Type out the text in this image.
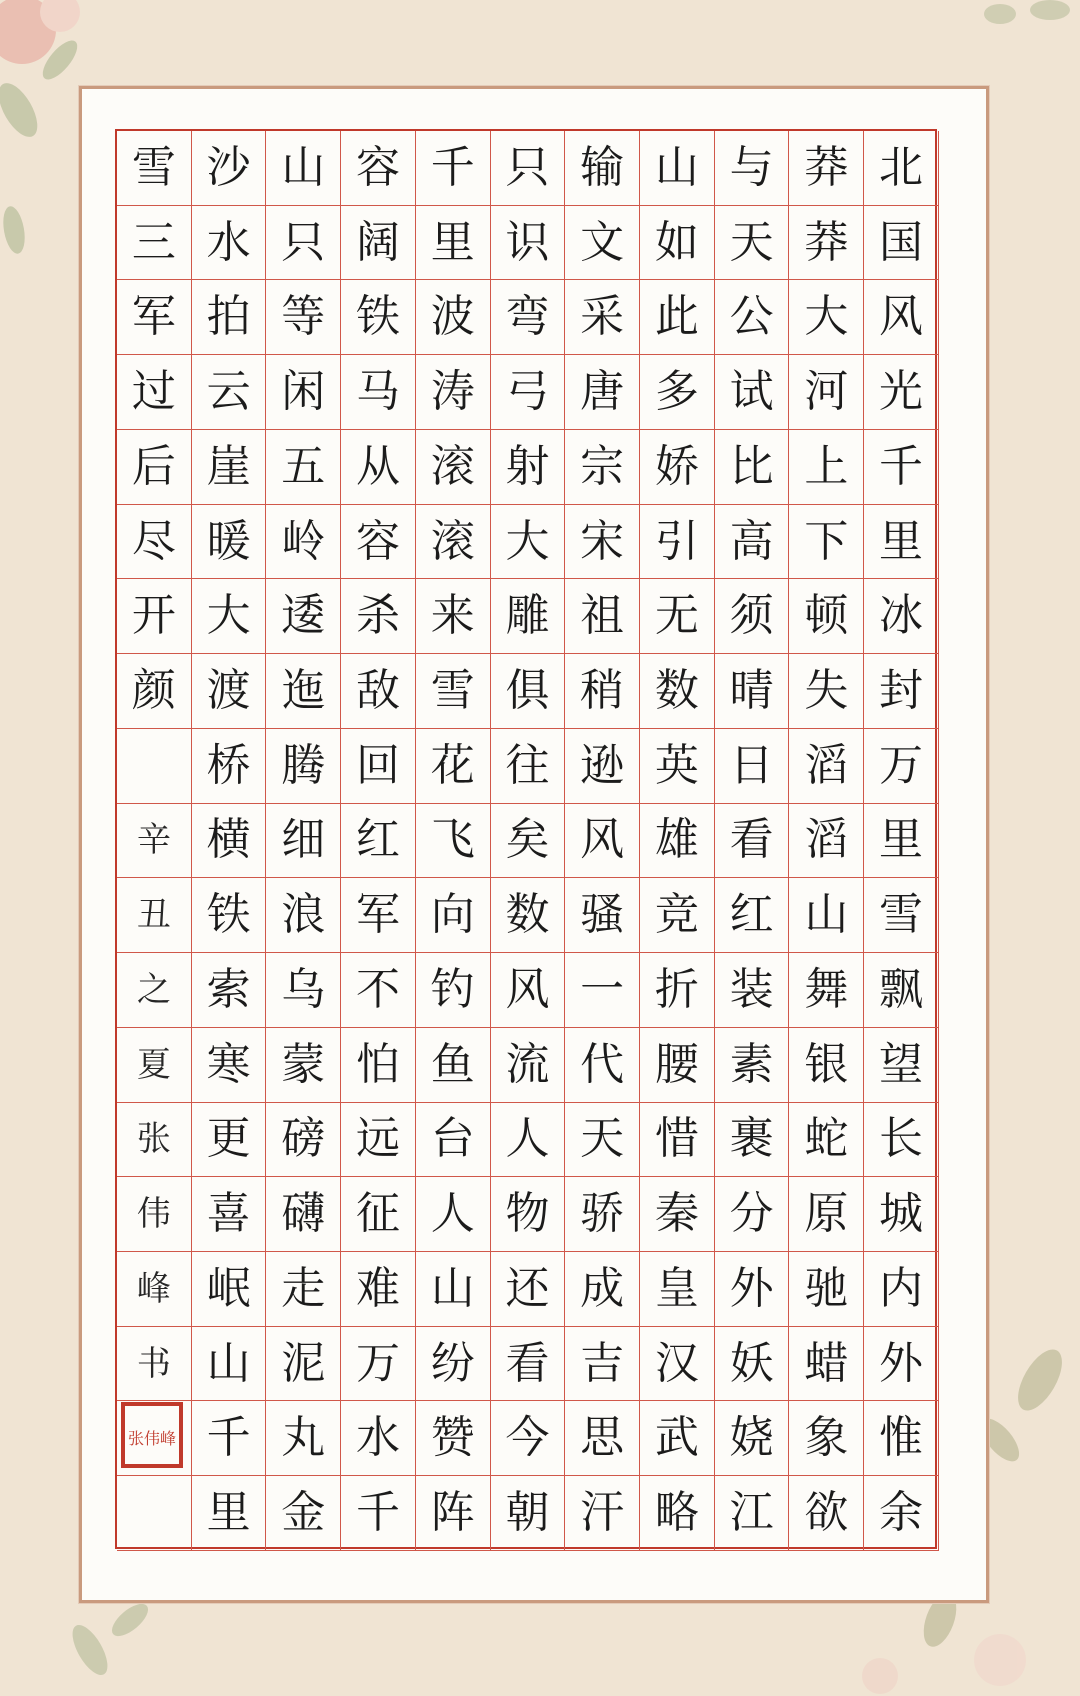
雪 沙 山 容 千 只 输 山 与 莽 北
三 水 只 阔 里 识 文 如 天 莽 国
军 拍 等 铁 波 弯 采 此 公 大 风
过 云 闲 马 涛 弓 唐 多 试 河 光
后 崖 五 从 滚 射 宗 娇 比 上 千
尽 暖 岭 容 滚 大 宋 引 高 下 里
开 大 逶 杀 来 雕 祖 无 须 顿 冰
颜 渡 迤 敌 雪 俱 稍 数 晴 失 封
桥 腾 回 花 往 逊 英 日 滔 万
辛 横 细 红 飞 矣 风 雄 看 滔 里
丑 铁 浪 军 向 数 骚 竞 红 山 雪
之 索 乌 不 钓 风 一 折 装 舞 飘
夏 寒 蒙 怕 鱼 流 代 腰 素 银 望
张 更 磅 远 台 人 天 惜 裹 蛇 长
伟 喜 礴 征 人 物 骄 秦 分 原 城
峰 岷 走 难 山 还 成 皇 外 驰 内
书 山 泥 万 纷 看 吉 汉 妖 蜡 外
千 丸 水 赞 今 思 武 娆 象 惟
里 金 千 阵 朝 汗 略 江 欲 余
张伟峰
